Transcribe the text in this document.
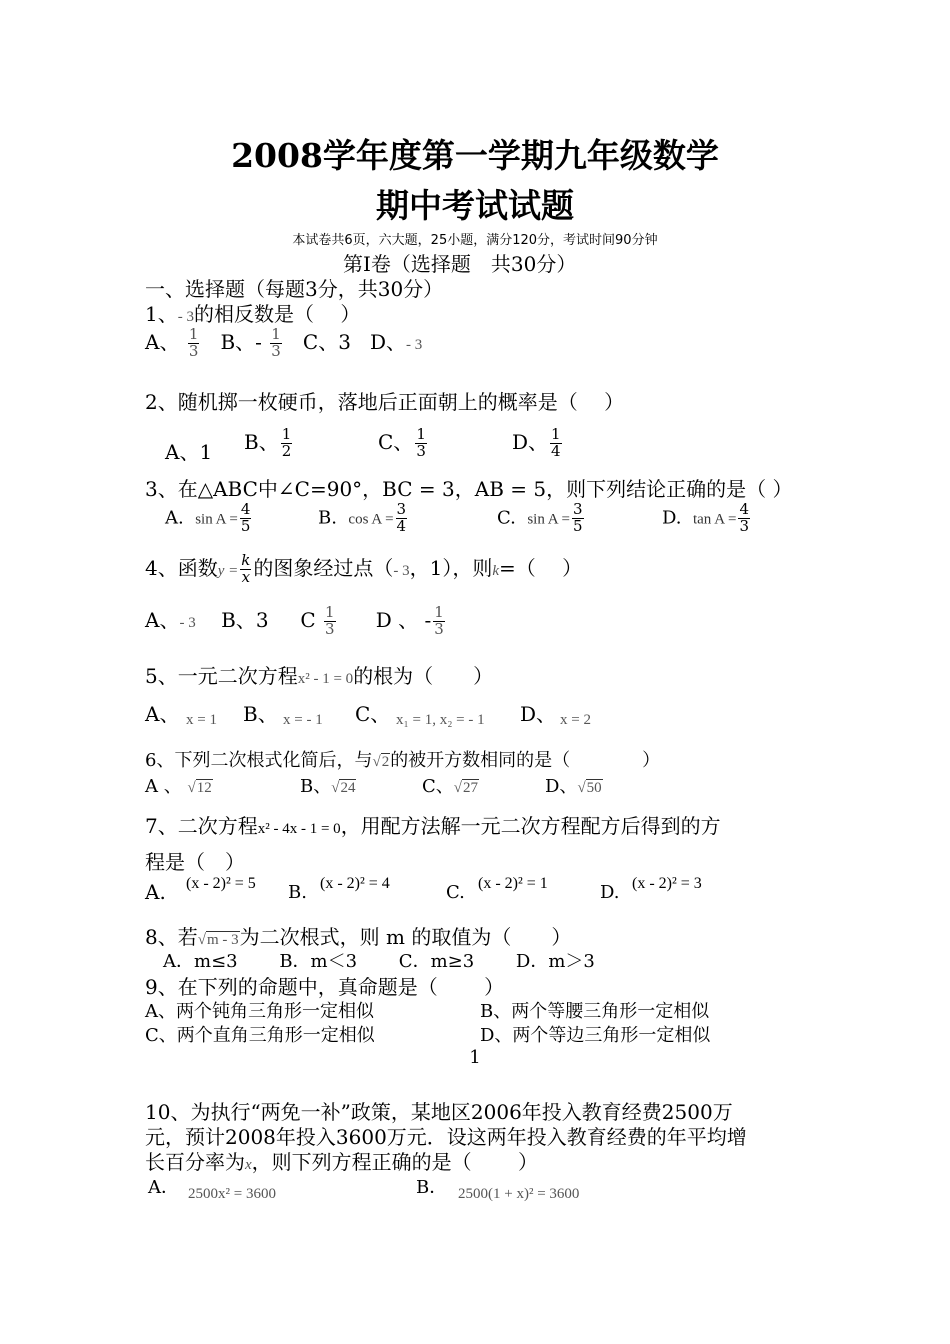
2008学年度第一学期九年级数学
期中考试试题
本试卷共6页，六大题，25小题，满分120分，考试时间90分钟
第Ⅰ卷（选择题　共30分）
一、选择题（每题3分，共30分）
1、- 3的相反数是（　 ）
A、 $\frac{1}{3}$ B、- $\frac{1}{3}$ C、3 D、- 3
2、随机掷一枚硬币，落地后正面朝上的概率是（　 ）
A、1 B、 $\frac{1}{2}$	C、 $\frac{1}{3}$	D、 $\frac{1}{4}$
3、在△ABC中∠C=90°，BC = 3，AB = 5，则下列结论正确的是（ ）
A. $\sin A = \frac{4}{5}$	B. $\cos A = \frac{3}{4}$	C. $\sin A = \frac{3}{5}$	D. $\tan A = \frac{4}{3}$
4、函数$y = \frac{k}{x}$ 的图象经过点（- 3，1），则k=（　 ）
A、- 3 B、3 C $\frac{1}{3}$ D 、 - $\frac{1}{3}$
5、一元二次方程x² - 1 = 0的根为（　　）
A、 x = 1 B、 x = - 1 C、 x₁ = 1, x₂ = - 1 D、 x = 2
6、下列二次根式化简后，与√2的被开方数相同的是（　　　　）
A 、 √12	B、√24	C、√27	D、√50
7、二次方程x² - 4x - 1 = 0，用配方法解一元二次方程配方后得到的方
程是（　）
A. (x - 2)² = 5 B. (x - 2)² = 4	C. (x - 2)² = 1	D. (x - 2)² = 3
8、若√m - 3为二次根式，则 m 的取值为（　　）
A．m≤3　　 B．m＜3　　 C．m≥3　　 D．m＞3
9、在下列的命题中，真命题是（　　 ）
A、两个钝角三角形一定相似	B、两个等腰三角形一定相似
C、两个直角三角形一定相似	D、两个等边三角形一定相似
1
10、为执行“两免一补”政策，某地区2006年投入教育经费2500万
元，预计2008年投入3600万元．设这两年投入教育经费的年平均增
长百分率为x，则下列方程正确的是（　　 ）
A． 2500x² = 3600	B． 2500(1 + x)² = 3600
